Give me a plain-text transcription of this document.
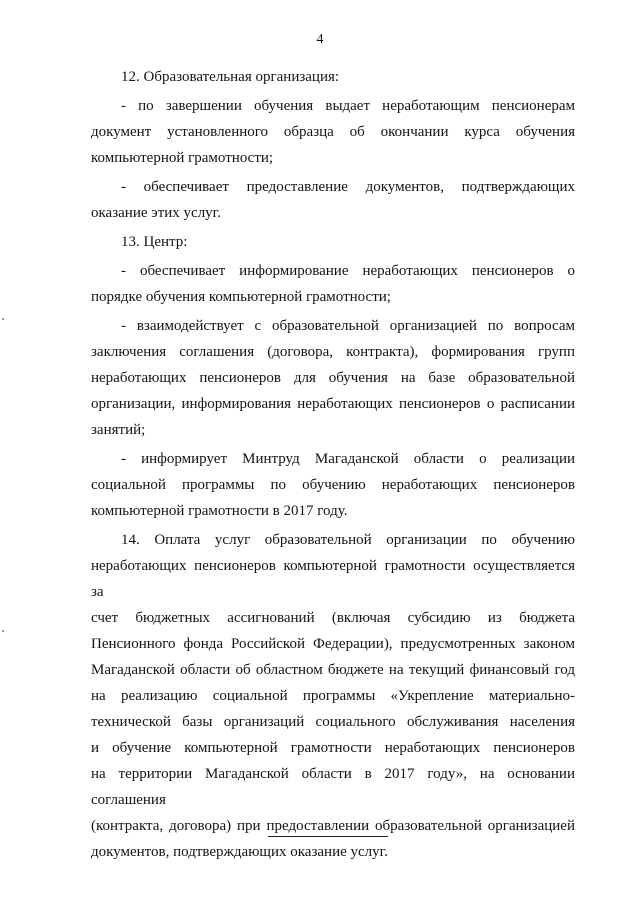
4

12. Образовательная организация:

- по завершении обучения выдает неработающим пенсионерам

документ установленного образца об окончании курса обучения

компьютерной грамотности;

- обеспечивает предоставление документов, подтверждающих

оказание этих услуг.

13. Центр:

- обеспечивает информирование неработающих пенсионеров о

порядке обучения компьютерной грамотности;

- взаимодействует с образовательной организацией по вопросам

заключения соглашения (договора, контракта), формирования групп

неработающих пенсионеров для обучения на базе образовательной

организации, информирования неработающих пенсионеров о расписании

занятий;

- информирует Минтруд Магаданской области о реализации

социальной программы по обучению неработающих пенсионеров

компьютерной грамотности в 2017 году.

14. Оплата услуг образовательной организации по обучению

неработающих пенсионеров компьютерной грамотности осуществляется за

счет бюджетных ассигнований (включая субсидию из бюджета

Пенсионного фонда Российской Федерации), предусмотренных законом

Магаданской области об областном бюджете на текущий финансовый год

на реализацию социальной программы «Укрепление материально-

технической базы организаций социального обслуживания населения

и обучение компьютерной грамотности неработающих пенсионеров

на территории Магаданской области в 2017 году», на основании соглашения

(контракта, договора) при предоставлении образовательной организацией

документов, подтверждающих оказание услуг.
